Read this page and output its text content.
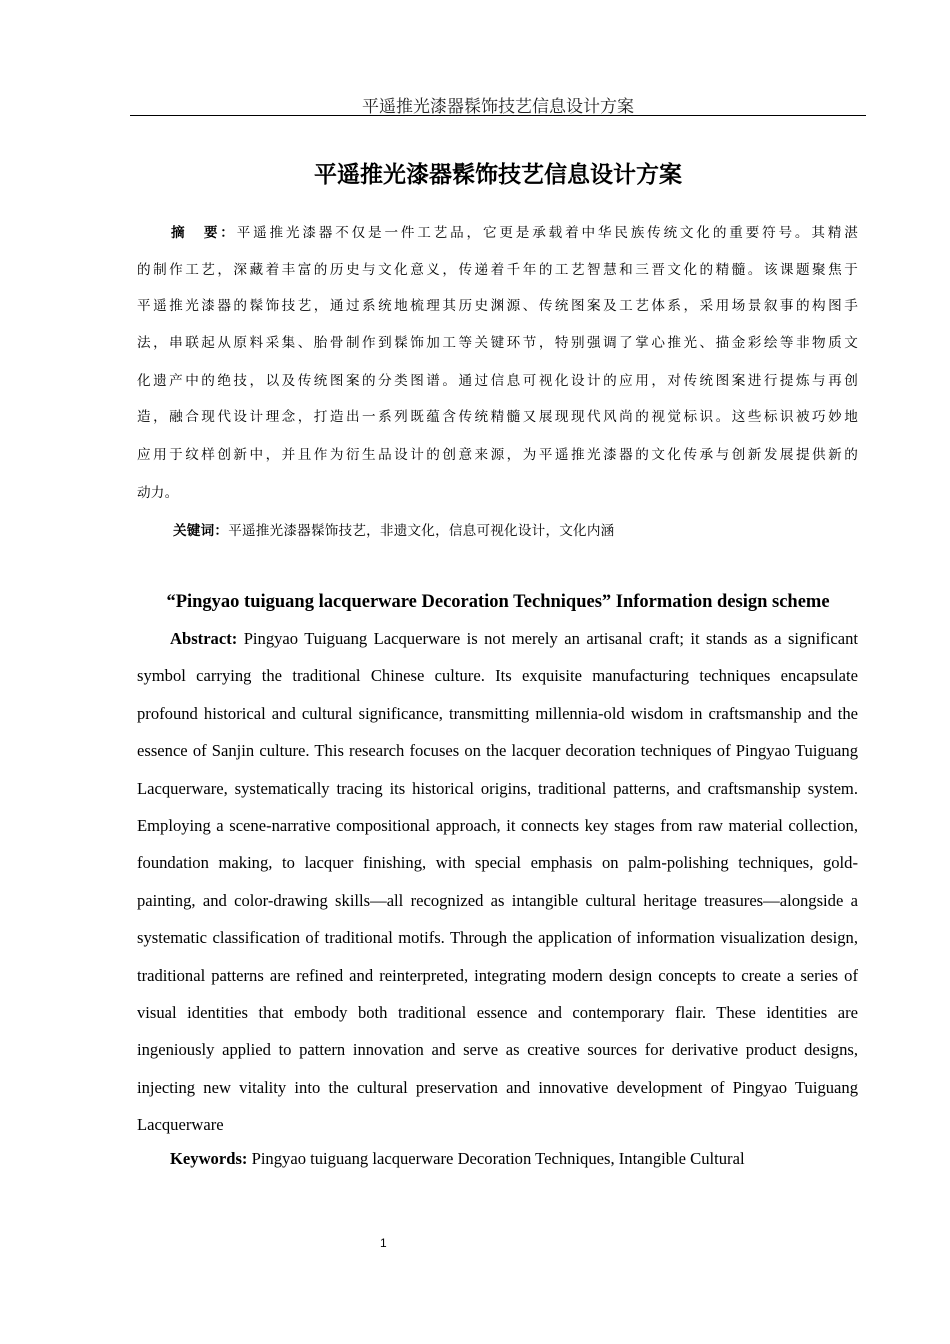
平遥推光漆器髹饰技艺信息设计方案
平遥推光漆器髹饰技艺信息设计方案
摘　要：平遥推光漆器不仅是一件工艺品，它更是承载着中华民族传统文化的重要符号。其精湛
的制作工艺，深藏着丰富的历史与文化意义，传递着千年的工艺智慧和三晋文化的精髓。该课题聚焦于
平遥推光漆器的髹饰技艺，通过系统地梳理其历史渊源、传统图案及工艺体系，采用场景叙事的构图手
法，串联起从原料采集、胎骨制作到髹饰加工等关键环节，特别强调了掌心推光、描金彩绘等非物质文
化遗产中的绝技，以及传统图案的分类图谱。通过信息可视化设计的应用，对传统图案进行提炼与再创
造，融合现代设计理念，打造出一系列既蕴含传统精髓又展现现代风尚的视觉标识。这些标识被巧妙地
应用于纹样创新中，并且作为衍生品设计的创意来源，为平遥推光漆器的文化传承与创新发展提供新的
动力。
关键词：平遥推光漆器髹饰技艺，非遗文化，信息可视化设计，文化内涵
“Pingyao tuiguang lacquerware Decoration Techniques” Information design scheme
Abstract: Pingyao Tuiguang Lacquerware is not merely an artisanal craft; it stands as a significant
symbol carrying the traditional Chinese culture. Its exquisite manufacturing techniques encapsulate
profound historical and cultural significance, transmitting millennia-old wisdom in craftsmanship and the
essence of Sanjin culture. This research focuses on the lacquer decoration techniques of Pingyao Tuiguang
Lacquerware, systematically tracing its historical origins, traditional patterns, and craftsmanship system.
Employing a scene-narrative compositional approach, it connects key stages from raw material collection,
foundation making, to lacquer finishing, with special emphasis on palm-polishing techniques, gold-
painting, and color-drawing skills—all recognized as intangible cultural heritage treasures—alongside a
systematic classification of traditional motifs. Through the application of information visualization design,
traditional patterns are refined and reinterpreted, integrating modern design concepts to create a series of
visual identities that embody both traditional essence and contemporary flair. These identities are
ingeniously applied to pattern innovation and serve as creative sources for derivative product designs,
injecting new vitality into the cultural preservation and innovative development of Pingyao Tuiguang
Lacquerware
Keywords: Pingyao tuiguang lacquerware Decoration Techniques, Intangible Cultural
1
